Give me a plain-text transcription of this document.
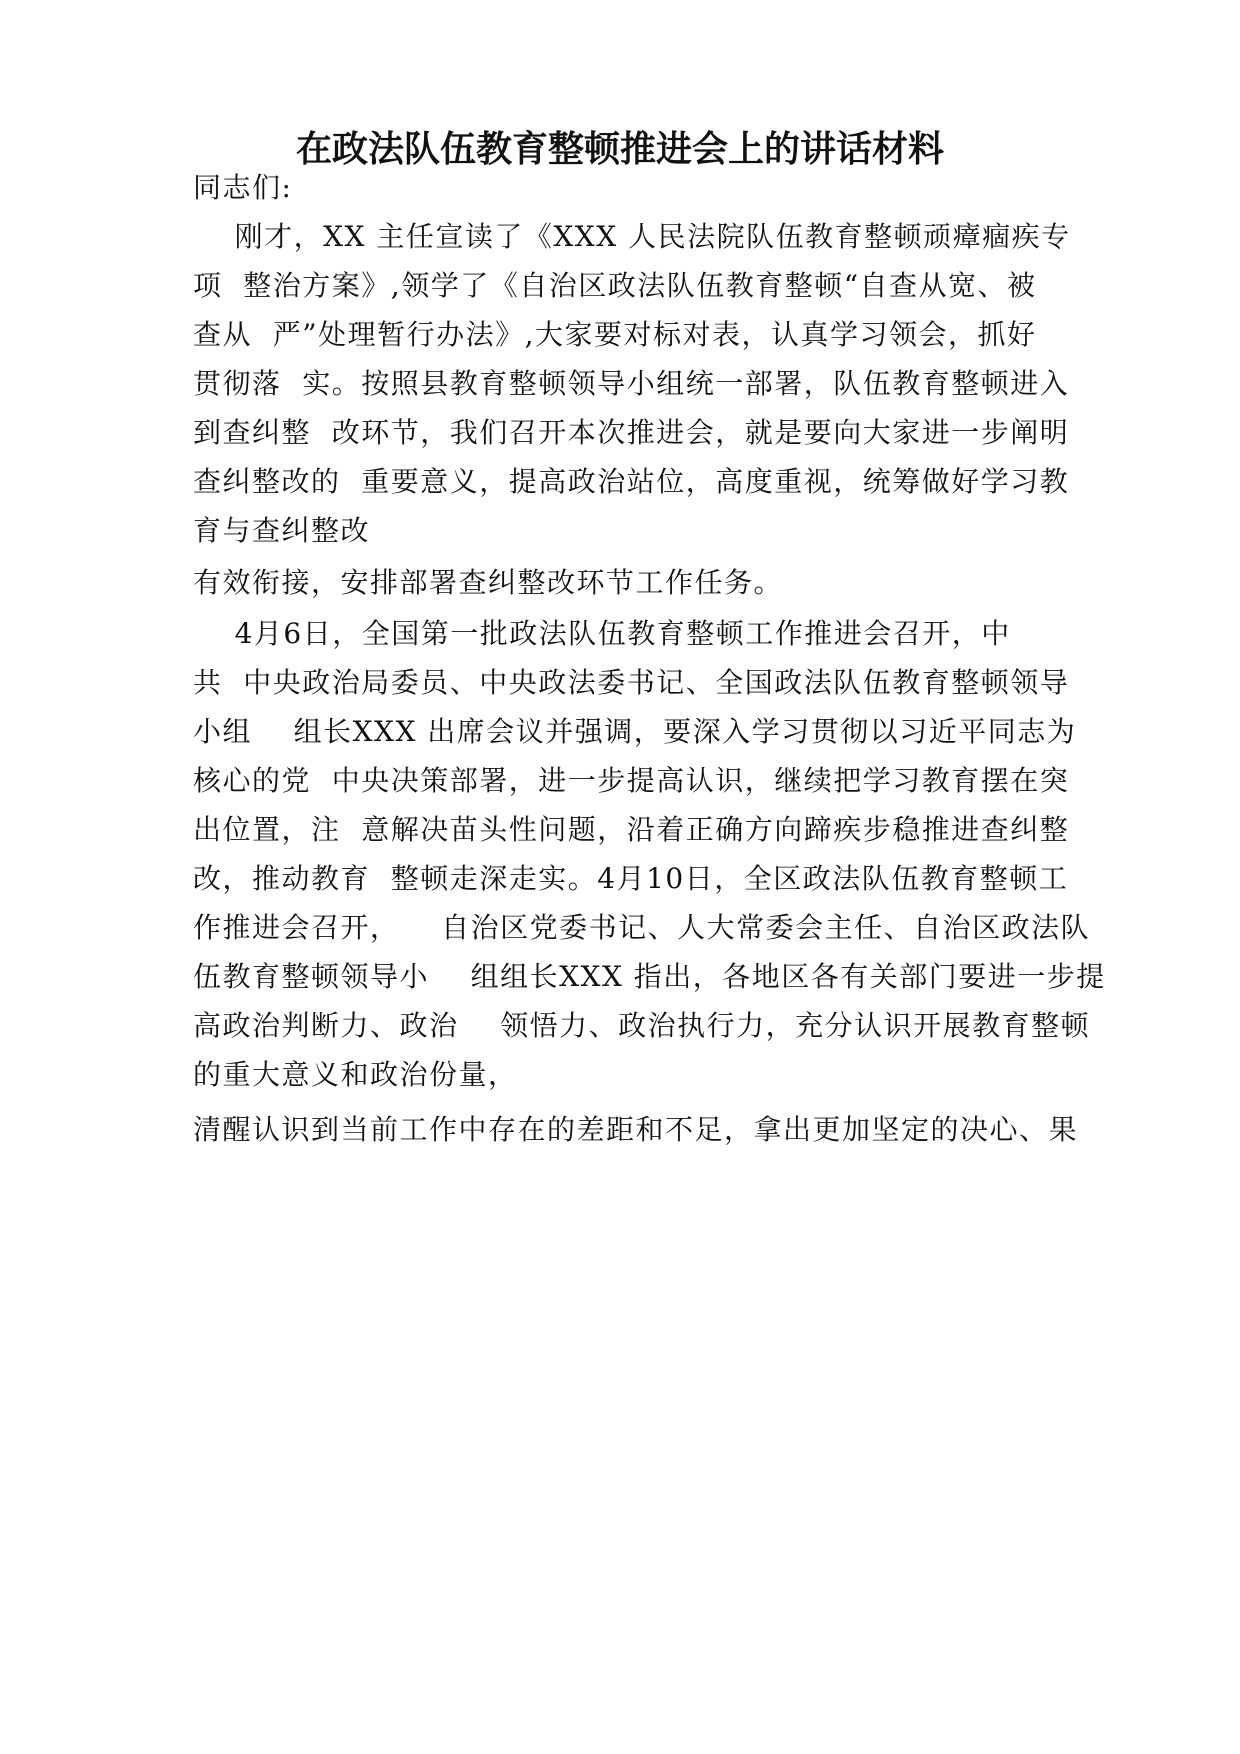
在政法队伍教育整顿推进会上的讲话材料
同志们:
刚才，XX 主任宣读了《XXX 人民法院队伍教育整顿顽瘴痼疾专
项  整治方案》,领学了《自治区政法队伍教育整顿“自查从宽、被
查从  严”处理暂行办法》,大家要对标对表，认真学习领会，抓好
贯彻落  实。按照县教育整顿领导小组统一部署，队伍教育整顿进入
到查纠整  改环节，我们召开本次推进会，就是要向大家进一步阐明
查纠整改的  重要意义，提高政治站位，高度重视，统筹做好学习教
育与查纠整改
有效衔接，安排部署查纠整改环节工作任务。
4月6日，全国第一批政法队伍教育整顿工作推进会召开，中
共  中央政治局委员、中央政法委书记、全国政法队伍教育整顿领导
小组    组长XXX 出席会议并强调，要深入学习贯彻以习近平同志为
核心的党  中央决策部署，进一步提高认识，继续把学习教育摆在突
出位置，注  意解决苗头性问题，沿着正确方向蹄疾步稳推进查纠整
改，推动教育  整顿走深走实。4月10日，全区政法队伍教育整顿工
作推进会召开，    自治区党委书记、人大常委会主任、自治区政法队
伍教育整顿领导小    组组长XXX 指出，各地区各有关部门要进一步提
高政治判断力、政治    领悟力、政治执行力，充分认识开展教育整顿
的重大意义和政治份量，
清醒认识到当前工作中存在的差距和不足，拿出更加坚定的决心、果
